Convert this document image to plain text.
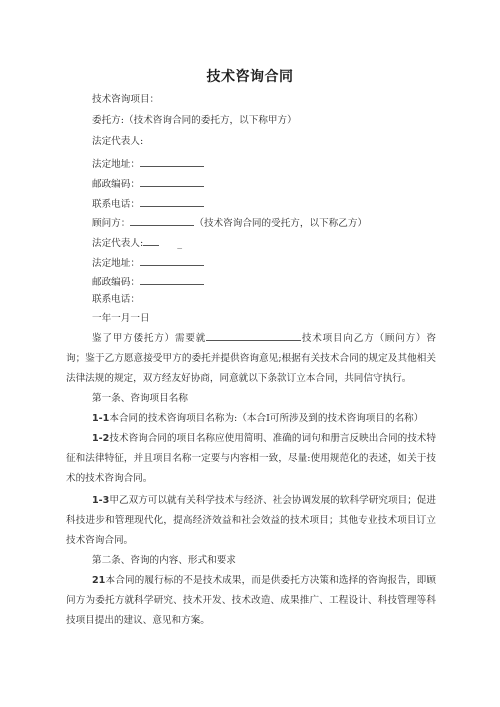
技术咨询合同
技术咨询项目：
委托方:（技术咨询合同的委托方，以下称甲方）
法定代表人:
法定地址：
邮政编码：
联系电话：
顾问方：	（技术咨询合同的受托方，以下称乙方）
法定代表人:	_
法定地址：
邮政编码：
联系电话：
一年一月一日
鉴了甲方倭托方）需要就	技术项目向乙方（顾问方）咨询；鉴于乙方愿意接受甲方的委托并提供咨询意见;根据有关技术合同的规定及其他相关法律法规的规定，双方经友好协商，同意就以下条款订立本合同，共同信守执行。
第一条、咨询项目名称
1-1本合同的技术咨询项目名称为:（本合Ⅰ可所涉及到的技术咨询项目的名称）
1-2技术咨询合同的项目名称应使用简明、准确的词句和册言反映出合同的技术特征和法律特征，并且项目名称一定要与内容相一致，尽量:使用规范化的表述，如关于技术的技术咨询合同。
1-3甲乙双方可以就有关科学技术与经济、社会协调发展的软科学研究项目；促进科技进步和管理现代化，提高经济效益和社会效益的技术项目；其他专业技术项目订立技术咨询合同。
第二条、咨询的内容、形式和要求
21本合同的履行标的不是技术成果，而是供委托方决策和选择的咨询报告，即顾问方为委托方就科学研究、技术开发、技术改造、成果推广、工程设计、科技管理等科技项目提出的建议、意见和方案。
